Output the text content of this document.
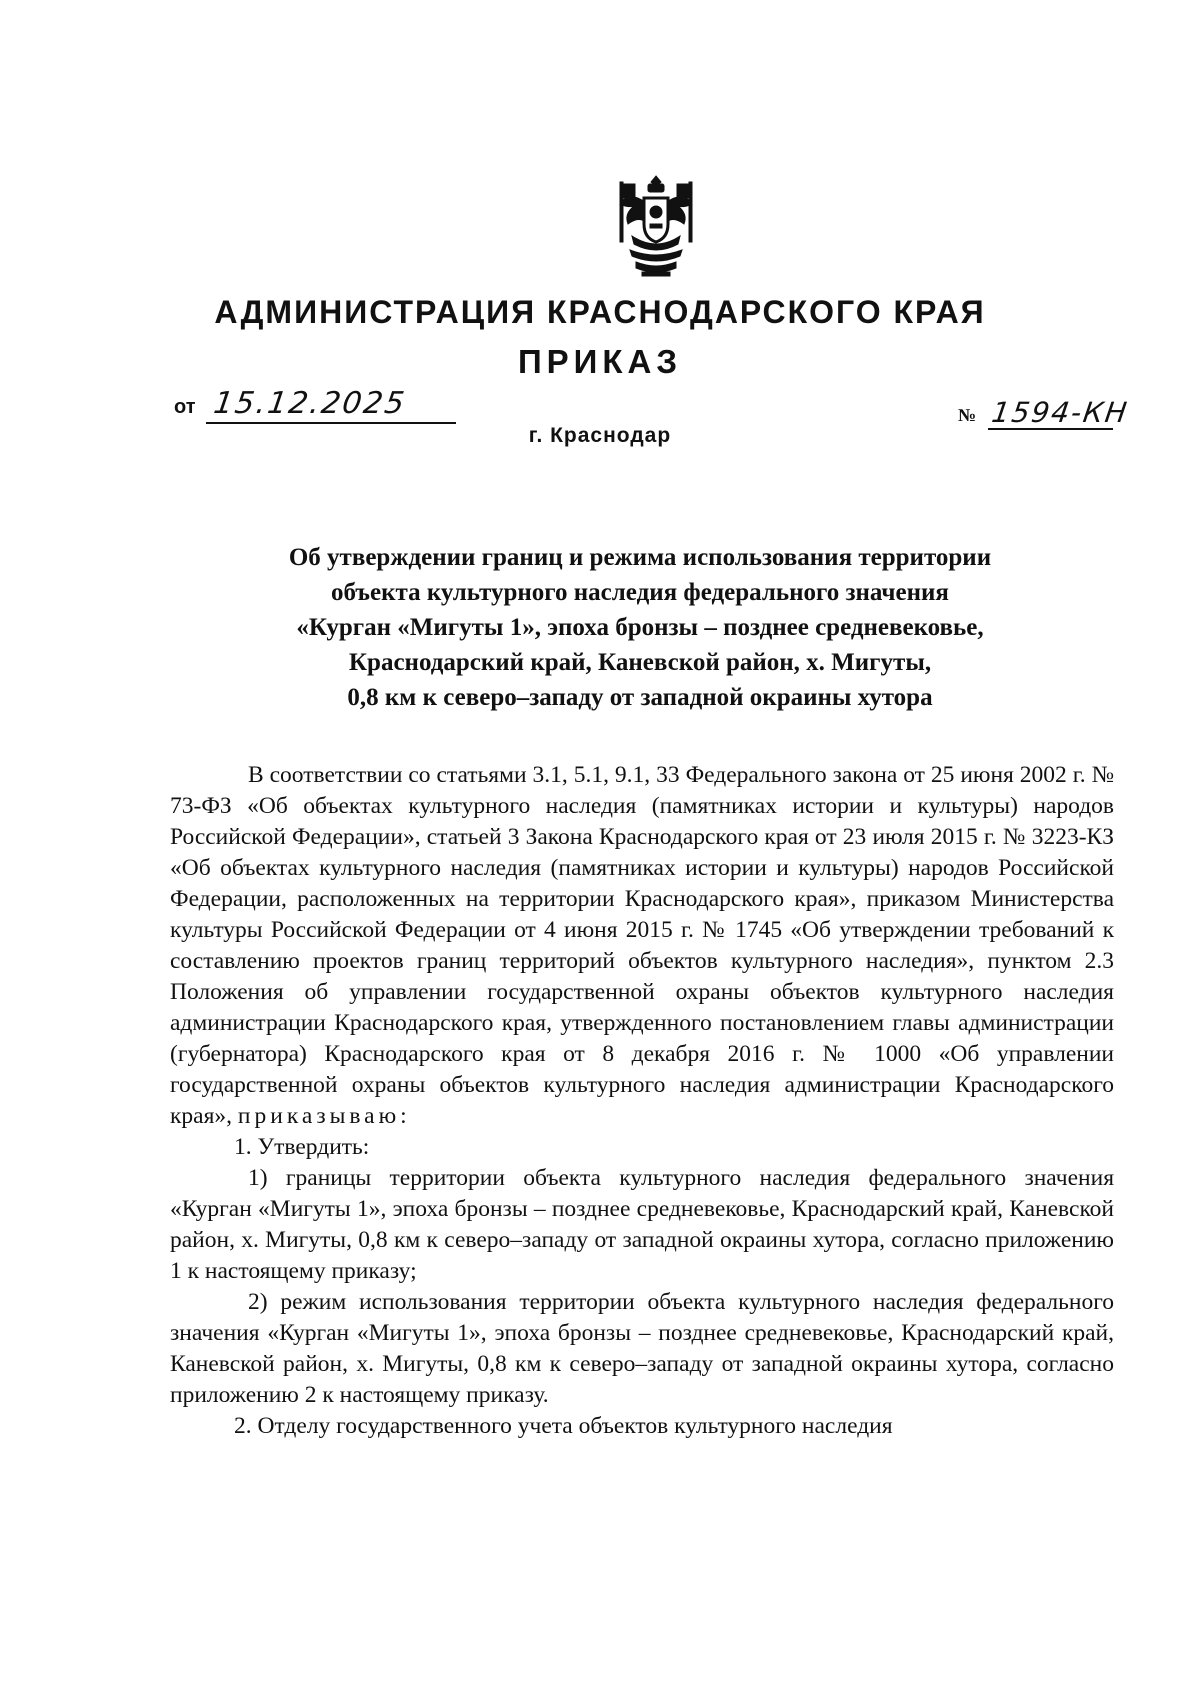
АДМИНИСТРАЦИЯ КРАСНОДАРСКОГО КРАЯ
ПРИКАЗ
от 15.12.2025
г. Краснодар
№ 1594-КН
Об утверждении границ и режима использования территории
объекта культурного наследия федерального значения
«Курган «Мигуты 1», эпоха бронзы – позднее средневековье,
Краснодарский край, Каневской район, х. Мигуты,
0,8 км к северо–западу от западной окраины хутора

В соответствии со статьями 3.1, 5.1, 9.1, 33 Федерального закона от 25 июня 2002 г. № 73-ФЗ «Об объектах культурного наследия (памятниках истории и культуры) народов Российской Федерации», статьей 3 Закона Краснодарского края от 23 июля 2015 г. № 3223-КЗ «Об объектах культурного наследия (памятниках истории и культуры) народов Российской Федерации, расположенных на территории Краснодарского края», приказом Министерства культуры Российской Федерации от 4 июня 2015 г. № 1745 «Об утверждении требований к составлению проектов границ территорий объектов культурного наследия», пунктом 2.3 Положения об управлении государственной охраны объектов культурного наследия администрации Краснодарского края, утвержденного постановлением главы администрации (губернатора) Краснодарского края от 8 декабря 2016 г. № 1000 «Об управлении государственной охраны объектов культурного наследия администрации Краснодарского края», приказываю:

1. Утвердить:

1) границы территории объекта культурного наследия федерального значения «Курган «Мигуты 1», эпоха бронзы – позднее средневековье, Краснодарский край, Каневской район, х. Мигуты, 0,8 км к северо–западу от западной окраины хутора, согласно приложению 1 к настоящему приказу;

2) режим использования территории объекта культурного наследия федерального значения «Курган «Мигуты 1», эпоха бронзы – позднее средневековье, Краснодарский край, Каневской район, х. Мигуты, 0,8 км к северо–западу от западной окраины хутора, согласно приложению 2 к настоящему приказу.

2. Отделу государственного учета объектов культурного наследия
